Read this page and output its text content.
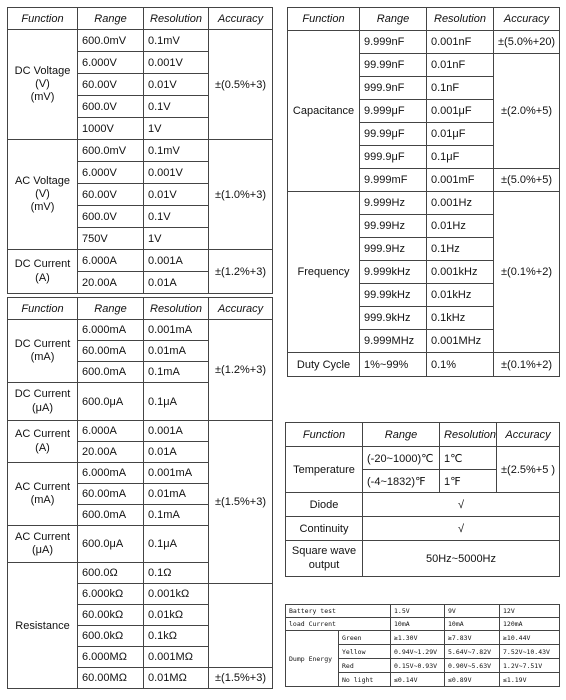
Function	Range	Resolution	Accuracy
DC Voltage
(V)
(mV)	600.0mV	0.1mV	±(0.5%+3)
	6.000V	0.001V	
	60.00V	0.01V	
	600.0V	0.1V	
	1000V	1V	
AC Voltage
(V)
(mV)	600.0mV	0.1mV	±(1.0%+3)
	6.000V	0.001V	
	60.00V	0.01V	
	600.0V	0.1V	
	750V	1V	
DC Current
(A)	6.000A	0.001A	±(1.2%+3)
	20.00A	0.01A	
Function	Range	Resolution	Accuracy	
DC Current
(mA)	6.000mA	0.001mA	±(1.2%+3)	
	60.00mA	0.01mA		
	600.0mA	0.1mA		
DC Current
(μA)	600.0μA	0.1μA		
AC Current
(A)	6.000A	0.001A	±(1.5%+3)	
	20.00A	0.01A		
AC Current
(mA)	6.000mA	0.001mA		
	60.00mA	0.01mA		
	600.0mA	0.1mA		
AC Current
(μA)	600.0μA	0.1μA		
Resistance	600.0Ω	0.1Ω	
	6.000kΩ	0.001kΩ		
	60.00kΩ	0.01kΩ		
	600.0kΩ	0.1kΩ		
	6.000MΩ	0.001MΩ		
	60.00MΩ	0.01MΩ	±(1.5%+3)	
Function	Range	Resolution	Accuracy
Capacitance	9.999nF	0.001nF	±(5.0%+20)
	99.99nF	0.01nF	±(2.0%+5)
	999.9nF	0.1nF	
	9.999μF	0.001μF	
	99.99μF	0.01μF	
	999.9μF	0.1μF	
	9.999mF	0.001mF	±(5.0%+5)
Frequency	9.999Hz	0.001Hz	±(0.1%+2)
	99.99Hz	0.01Hz	
	999.9Hz	0.1Hz	
	9.999kHz	0.001kHz	
	99.99kHz	0.01kHz	
	999.9kHz	0.1kHz	
	9.999MHz	0.001MHz	
Duty Cycle	1%~99%	0.1%	±(0.1%+2)
Function	Range	Resolution	Accuracy
Temperature	(-20~1000)℃	1℃	±(2.5%+5 )
	(-4~1832)℉	1℉	
Diode	√		
Continuity	√		
Square wave
output	50Hz~5000Hz		
Battery test		1.5V	9V	12V
load Current		10mA	10mA	120mA
Dump Energy	Green	≥1.30V	≥7.83V	≥10.44V
	Yellow	0.94V~1.29V	5.64V~7.82V	7.52V~10.43V
	Red	0.15V~0.93V	0.90V~5.63V	1.2V~7.51V
	No light	≤0.14V	≤0.89V	≤1.19V
